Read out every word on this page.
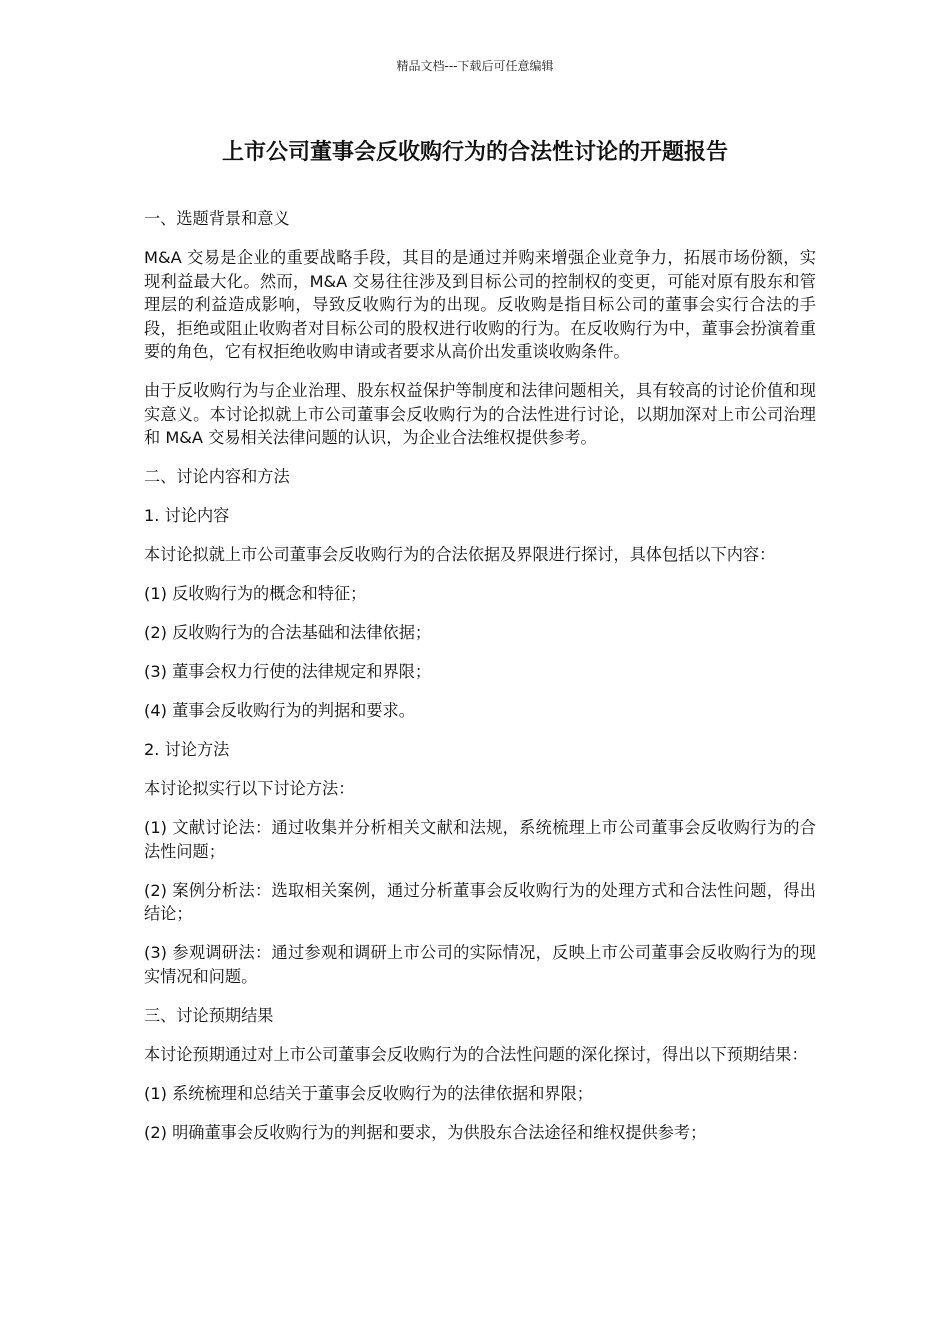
精品文档---下载后可任意编辑
上市公司董事会反收购行为的合法性讨论的开题报告

一、选题背景和意义

M&A 交易是企业的重要战略手段，其目的是通过并购来增强企业竞争力，拓展市场份额，实现利益最大化。然而，M&A 交易往往涉及到目标公司的控制权的变更，可能对原有股东和管理层的利益造成影响，导致反收购行为的出现。反收购是指目标公司的董事会实行合法的手段，拒绝或阻止收购者对目标公司的股权进行收购的行为。在反收购行为中，董事会扮演着重要的角色，它有权拒绝收购申请或者要求从高价出发重谈收购条件。

由于反收购行为与企业治理、股东权益保护等制度和法律问题相关，具有较高的讨论价值和现实意义。本讨论拟就上市公司董事会反收购行为的合法性进行讨论，以期加深对上市公司治理和 M&A 交易相关法律问题的认识，为企业合法维权提供参考。

二、讨论内容和方法

1. 讨论内容

本讨论拟就上市公司董事会反收购行为的合法依据及界限进行探讨，具体包括以下内容：

(1) 反收购行为的概念和特征；

(2) 反收购行为的合法基础和法律依据；

(3) 董事会权力行使的法律规定和界限；

(4) 董事会反收购行为的判据和要求。

2. 讨论方法

本讨论拟实行以下讨论方法：

(1) 文献讨论法：通过收集并分析相关文献和法规，系统梳理上市公司董事会反收购行为的合法性问题；

(2) 案例分析法：选取相关案例，通过分析董事会反收购行为的处理方式和合法性问题，得出结论；

(3) 参观调研法：通过参观和调研上市公司的实际情况，反映上市公司董事会反收购行为的现实情况和问题。

三、讨论预期结果

本讨论预期通过对上市公司董事会反收购行为的合法性问题的深化探讨，得出以下预期结果：

(1) 系统梳理和总结关于董事会反收购行为的法律依据和界限；

(2) 明确董事会反收购行为的判据和要求，为供股东合法途径和维权提供参考；
